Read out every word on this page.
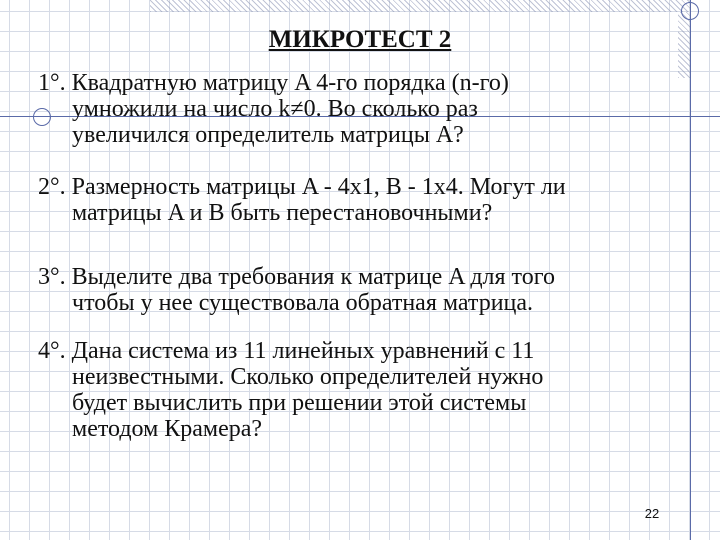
МИКРОТЕСТ 2
1°. Квадратную матрицу A 4-го порядка (n-го)
умножили на число k≠0. Во сколько раз
увеличился определитель матрицы A?
2°. Размерность матрицы A - 4x1, B - 1x4. Могут ли
матрицы A и B быть перестановочными?
3°. Выделите два требования к матрице A для того
чтобы у нее существовала обратная матрица.
4°. Дана система из 11 линейных уравнений с 11
неизвестными. Сколько определителей нужно
будет вычислить при решении этой системы
методом Крамера?
22
